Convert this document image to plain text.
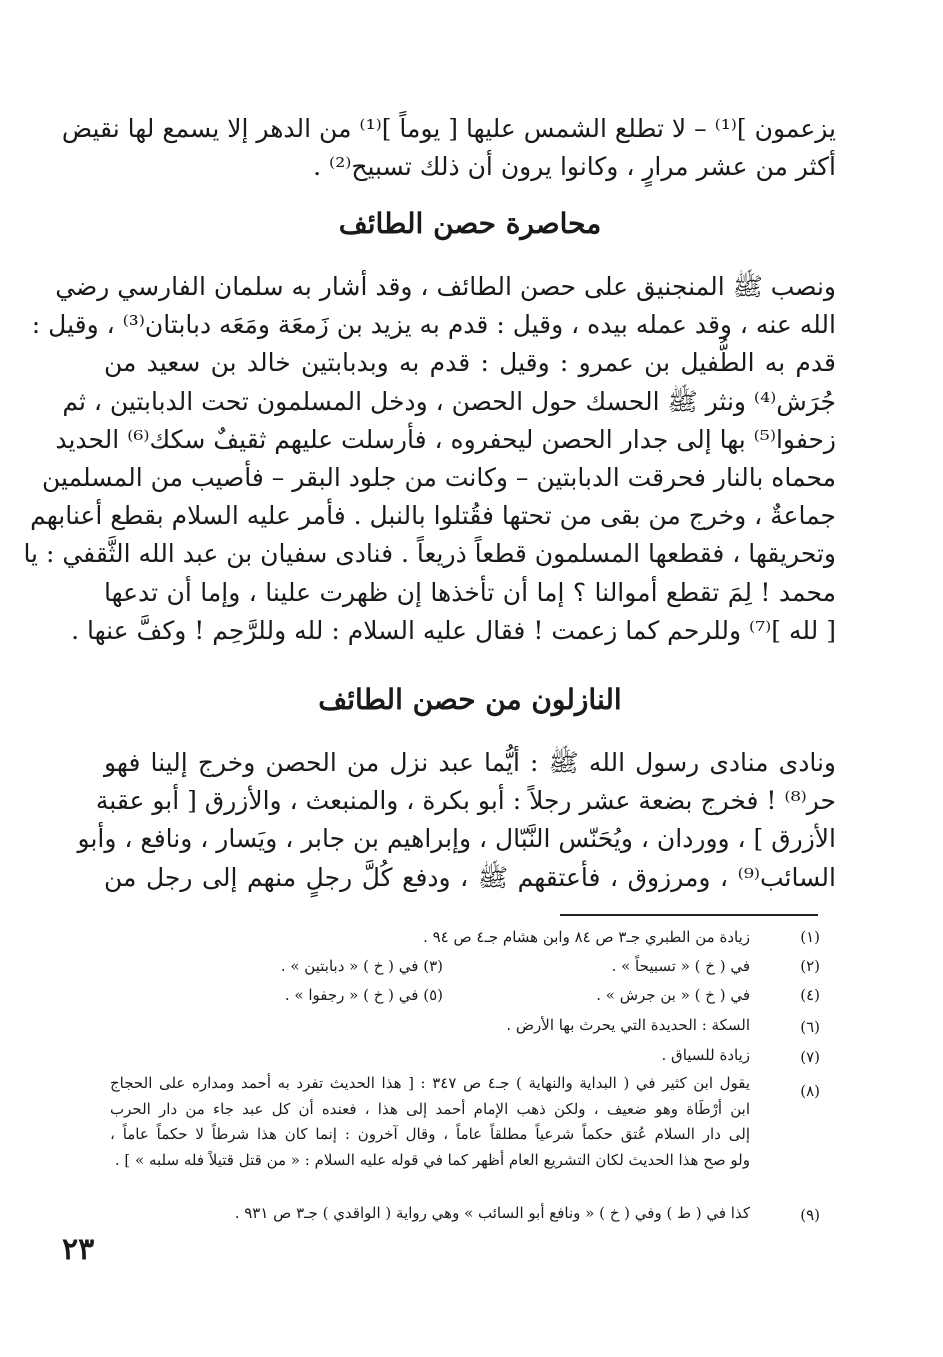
يزعمون ]⁽¹⁾ – لا تطلع الشمس عليها [ يوماً ]⁽¹⁾ من الدهر إلا يسمع لها نقيض
أكثر من عشر مرارٍ ، وكانوا يرون أن ذلك تسبيح⁽²⁾ .
محاصرة حصن الطائف
ونصب ﷺ المنجنيق على حصن الطائف ، وقد أشار به سلمان الفارسي رضي
الله عنه ، وقد عمله بيده ، وقيل : قدم به يزيد بن زَمعَة ومَعَه دبابتان⁽³⁾ ، وقيل :
قدم به الطُّفيل بن عمرو : وقيل : قدم به وبدبابتين خالد بن سعيد من
جُرَش⁽⁴⁾ ونثر ﷺ الحسك حول الحصن ، ودخل المسلمون تحت الدبابتين ، ثم
زحفوا⁽⁵⁾ بها إلى جدار الحصن ليحفروه ، فأرسلت عليهم ثقيفٌ سكك⁽⁶⁾ الحديد
محماه بالنار فحرقت الدبابتين – وكانت من جلود البقر – فأصيب من المسلمين
جماعةٌ ، وخرج من بقى من تحتها فقُتلوا بالنبل . فأمر عليه السلام بقطع أعنابهم
وتحريقها ، فقطعها المسلمون قطعاً ذريعاً . فنادى سفيان بن عبد الله الثَّقفي : يا
محمد ! لِمَ تقطع أموالنا ؟ إما أن تأخذها إن ظهرت علينا ، وإما أن تدعها
[ لله ]⁽⁷⁾ وللرحم كما زعمت ! فقال عليه السلام : لله وللرَّحِم ! وكفَّ عنها .
النازلون من حصن الطائف
ونادى منادى رسول الله ﷺ : أيُّما عبد نزل من الحصن وخرج إلينا فهو
حر⁽⁸⁾ ! فخرج بضعة عشر رجلاً : أبو بكرة ، والمنبعث ، والأزرق [ أبو عقبة
الأزرق ] ، ووردان ، ويُحَنّس النَّبّال ، وإبراهيم بن جابر ، ويَسار ، ونافع ، وأبو
السائب⁽⁹⁾ ، ومرزوق ، فأعتقهم ﷺ ، ودفع كُلَّ رجلٍ منهم إلى رجل من
(١)
زيادة من الطبري جـ٣ ص ٨٤ وابن هشام جـ٤ ص ٩٤ .
(٢)
في ( خ ) « تسبيحاً » .
(٣) في ( خ ) « دبابتين » .
(٤)
في ( خ ) « بن جرش » .
(٥) في ( خ ) « رجفوا » .
(٦)
السكة : الحديدة التي يحرث بها الأرض .
(٧)
زيادة للسياق .
(٨)
يقول ابن كثير في ( البداية والنهاية ) جـ٤ ص ٣٤٧ : [ هذا الحديث تفرد به أحمد ومداره على الحجاج
ابن أرْطَاة وهو ضعيف ، ولكن ذهب الإمام أحمد إلى هذا ، فعنده أن كل عبد جاء من دار الحرب
إلى دار السلام عُتق حكماً شرعياً مطلقاً عاماً ، وقال آخرون : إنما كان هذا شرطاً لا حكماً عاماً ،
ولو صح هذا الحديث لكان التشريع العام أظهر كما في قوله عليه السلام : « من قتل قتيلاً فله سلبه » ] .
(٩)
كذا في ( ط ) وفي ( خ ) « ونافع أبو السائب » وهي رواية ( الواقدي ) جـ٣ ص ٩٣١ .
٢٣
